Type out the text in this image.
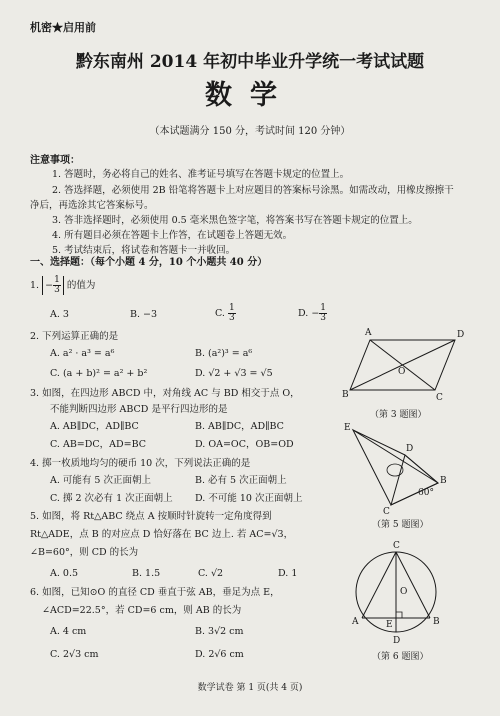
机密★启用前
黔东南州 2014 年初中毕业升学统一考试试题
数学
（本试题满分 150 分，考试时间 120 分钟）
注意事项：
1. 答题时，务必将自己的姓名、准考证号填写在答题卡规定的位置上。
2. 答选择题，必须使用 2B 铅笔将答题卡上对应题目的答案标号涂黑。如需改动，用橡皮擦擦干
净后，再选涂其它答案标号。
3. 答非选择题时，必须使用 0.5 毫米黑色签字笔，将答案书写在答题卡规定的位置上。
4. 所有题目必须在答题卡上作答，在试题卷上答题无效。
5. 考试结束后，将试卷和答题卡一并收回。
一、选择题：（每个小题 4 分，10 个小题共 40 分）
1. − $\frac{1}{3}$ 的值为
A. 3	B. −3	C. $\frac{1}{3}$	D. − $\frac{1}{3}$
2. 下列运算正确的是
A. a² · a³ = a⁶	B. (a²)³ = a⁶
C. (a + b)² = a² + b²	D. √2 + √3 = √5
3. 如图，在四边形 ABCD 中，对角线 AC 与 BD 相交于点 O，
不能判断四边形 ABCD 是平行四边形的是
A. AB∥DC，AD∥BC	B. AB∥DC，AD∥BC
C. AB=DC，AD=BC	D. OA=OC，OB=OD
A	D
B	C
O
（第 3 题图）
4. 掷一枚质地均匀的硬币 10 次，下列说法正确的是
A. 可能有 5 次正面朝上	B. 必有 5 次正面朝上
C. 掷 2 次必有 1 次正面朝上 D. 不可能 10 次正面朝上
E
D
C
B
60°
（第 5 题图）
5. 如图，将 Rt△ABC 绕点 A 按顺时针旋转一定角度得到
Rt△ADE，点 B 的对应点 D 恰好落在 BC 边上. 若 AC=√3，
∠B=60°，则 CD 的长为
A. 0.5	B. 1.5	C. √2	D. 1
6. 如图，已知⊙O 的直径 CD 垂直于弦 AB，垂足为点 E，
∠ACD=22.5°，若 CD=6 cm，则 AB 的长为
A. 4 cm	B. 3√2 cm
C. 2√3 cm	D. 2√6 cm
C
O
A	B
E
D
（第 6 题图）
数学试卷 第 1 页(共 4 页)
